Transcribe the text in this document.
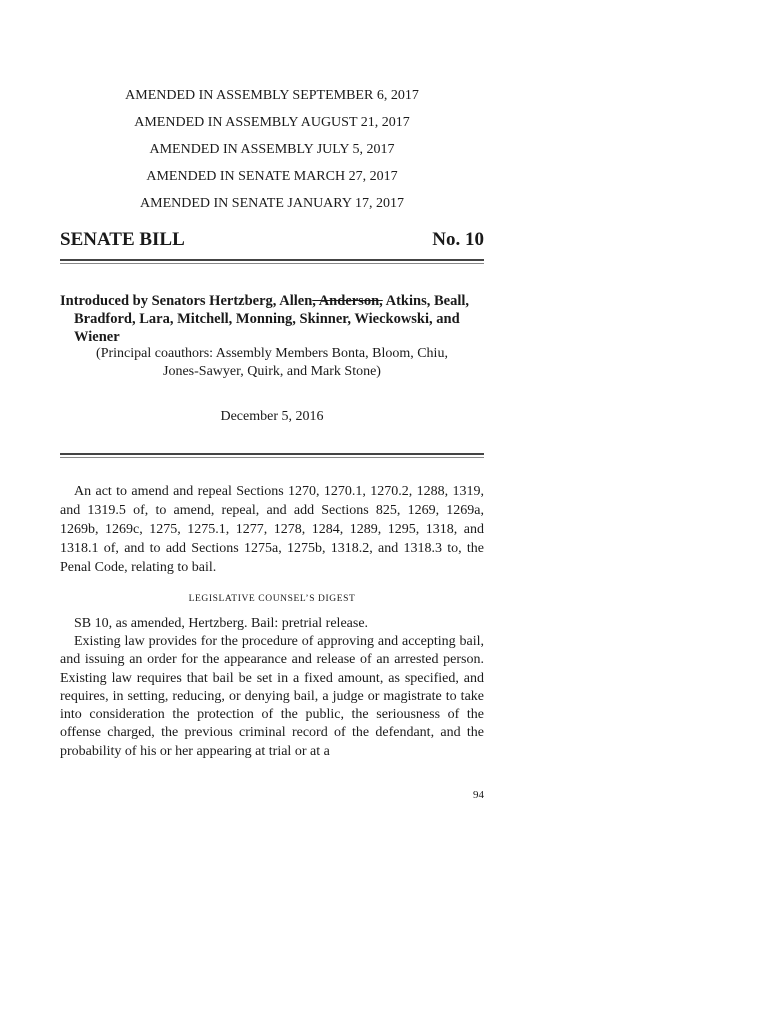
AMENDED IN ASSEMBLY SEPTEMBER 6, 2017
AMENDED IN ASSEMBLY AUGUST 21, 2017
AMENDED IN ASSEMBLY JULY 5, 2017
AMENDED IN SENATE MARCH 27, 2017
AMENDED IN SENATE JANUARY 17, 2017
SENATE BILL	No. 10
Introduced by Senators Hertzberg, Allen, Anderson, Atkins, Beall,
Bradford, Lara, Mitchell, Monning, Skinner, Wieckowski, and
Wiener
(Principal coauthors: Assembly Members Bonta, Bloom, Chiu,
Jones-Sawyer, Quirk, and Mark Stone)
December 5, 2016
An act to amend and repeal Sections 1270, 1270.1, 1270.2, 1288, 1319, and 1319.5 of, to amend, repeal, and add Sections 825, 1269, 1269a, 1269b, 1269c, 1275, 1275.1, 1277, 1278, 1284, 1289, 1295, 1318, and 1318.1 of, and to add Sections 1275a, 1275b, 1318.2, and 1318.3 to, the Penal Code, relating to bail.
LEGISLATIVE COUNSEL’S DIGEST
SB 10, as amended, Hertzberg. Bail: pretrial release.
Existing law provides for the procedure of approving and accepting bail, and issuing an order for the appearance and release of an arrested person. Existing law requires that bail be set in a fixed amount, as specified, and requires, in setting, reducing, or denying bail, a judge or magistrate to take into consideration the protection of the public, the seriousness of the offense charged, the previous criminal record of the defendant, and the probability of his or her appearing at trial or at a
94
